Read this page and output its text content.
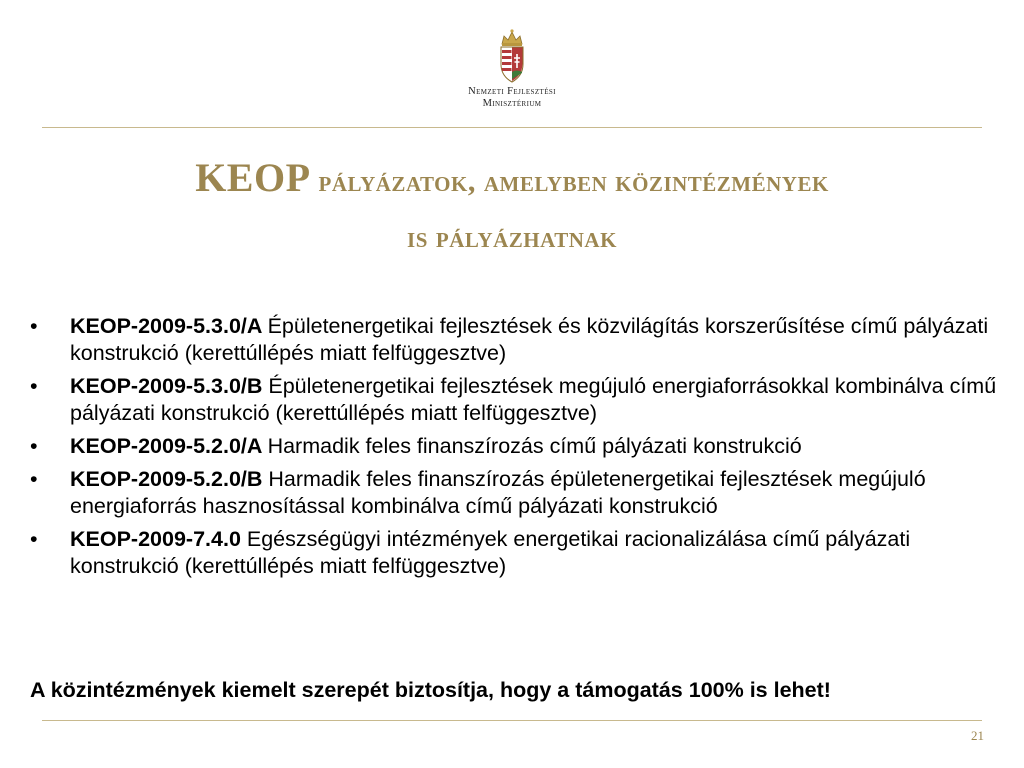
Nemzeti Fejlesztési
Minisztérium
KEOP pályázatok, amelyben közintézmények
is pályázhatnak
•	KEOP-2009-5.3.0/A Épületenergetikai fejlesztések és közvilágítás korszerűsítése című pályázati konstrukció (kerettúllépés miatt felfüggesztve)
•	KEOP-2009-5.3.0/B Épületenergetikai fejlesztések megújuló energiaforrásokkal kombinálva című pályázati konstrukció (kerettúllépés miatt felfüggesztve)
•	KEOP-2009-5.2.0/A Harmadik feles finanszírozás című pályázati konstrukció
•	KEOP-2009-5.2.0/B Harmadik feles finanszírozás épületenergetikai fejlesztések megújuló energiaforrás hasznosítással kombinálva című pályázati konstrukció
•	KEOP-2009-7.4.0 Egészségügyi intézmények energetikai racionalizálása című pályázati konstrukció (kerettúllépés miatt felfüggesztve)
A közintézmények kiemelt szerepét biztosítja, hogy a támogatás 100% is lehet!
21
